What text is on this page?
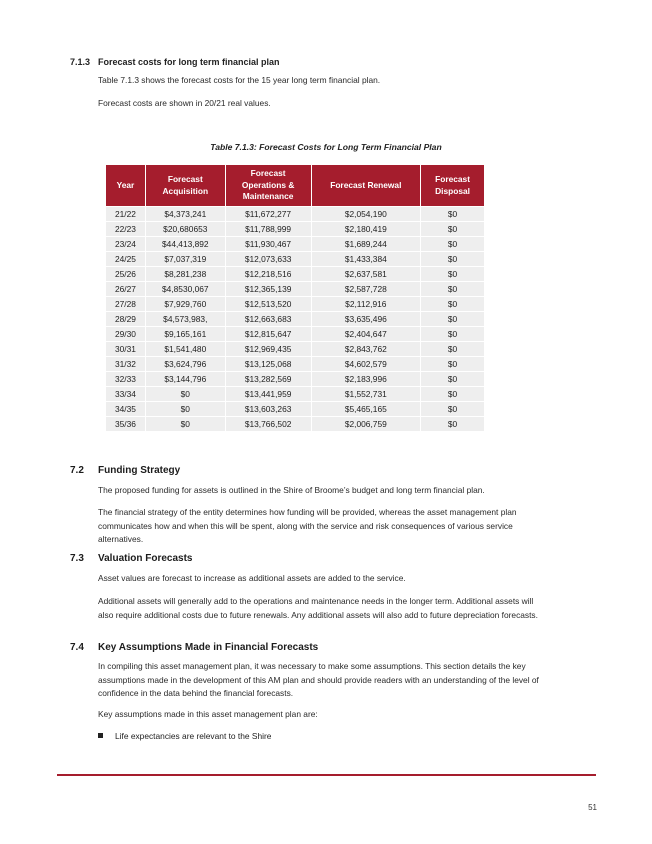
7.1.3 Forecast costs for long term financial plan
Table 7.1.3 shows the forecast costs for the 15 year long term financial plan.
Forecast costs are shown in 20/21 real values.
Table 7.1.3: Forecast Costs for Long Term Financial Plan
Year	Forecast Acquisition	Forecast Operations & Maintenance	Forecast Renewal	Forecast Disposal
21/22	$4,373,241	$11,672,277	$2,054,190	$0
22/23	$20,680653	$11,788,999	$2,180,419	$0
23/24	$44,413,892	$11,930,467	$1,689,244	$0
24/25	$7,037,319	$12,073,633	$1,433,384	$0
25/26	$8,281,238	$12,218,516	$2,637,581	$0
26/27	$4,8530,067	$12,365,139	$2,587,728	$0
27/28	$7,929,760	$12,513,520	$2,112,916	$0
28/29	$4,573,983,	$12,663,683	$3,635,496	$0
29/30	$9,165,161	$12,815,647	$2,404,647	$0
30/31	$1,541,480	$12,969,435	$2,843,762	$0
31/32	$3,624,796	$13,125,068	$4,602,579	$0
32/33	$3,144,796	$13,282,569	$2,183,996	$0
33/34	$0	$13,441,959	$1,552,731	$0
34/35	$0	$13,603,263	$5,465,165	$0
35/36	$0	$13,766,502	$2,006,759	$0
7.2 Funding Strategy
The proposed funding for assets is outlined in the Shire of Broome’s budget and long term financial plan.
The financial strategy of the entity determines how funding will be provided, whereas the asset management plan communicates how and when this will be spent, along with the service and risk consequences of various service alternatives.
7.3 Valuation Forecasts
Asset values are forecast to increase as additional assets are added to the service.
Additional assets will generally add to the operations and maintenance needs in the longer term. Additional assets will also require additional costs due to future renewals. Any additional assets will also add to future depreciation forecasts.
7.4 Key Assumptions Made in Financial Forecasts
In compiling this asset management plan, it was necessary to make some assumptions. This section details the key assumptions made in the development of this AM plan and should provide readers with an understanding of the level of confidence in the data behind the financial forecasts.
Key assumptions made in this asset management plan are:
Life expectancies are relevant to the Shire
51
